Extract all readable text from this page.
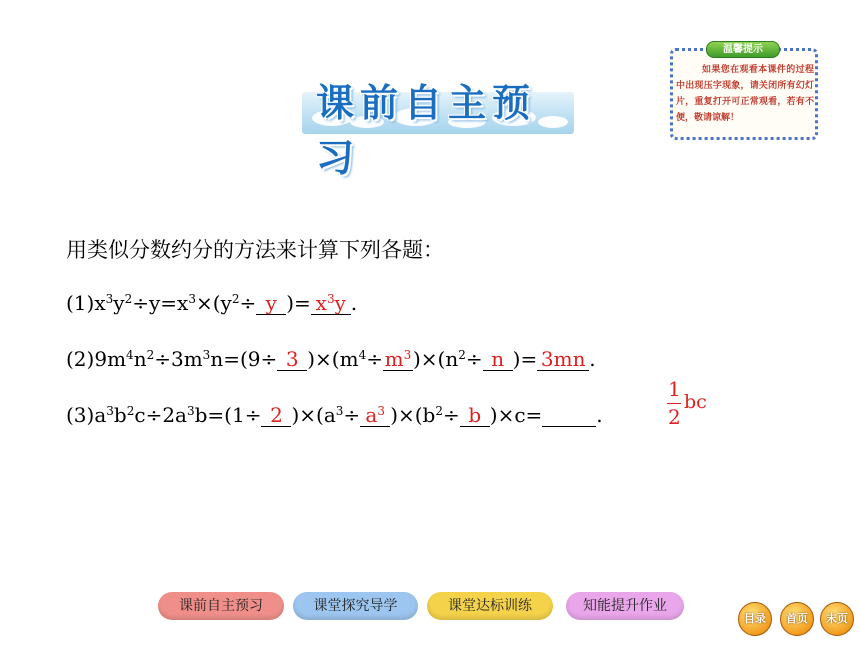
课前自主预习
温馨提示
如果您在观看本课件的过程中出现压字现象，请关闭所有幻灯片，重复打开可正常观看，若有不便，敬请谅解！
用类似分数约分的方法来计算下列各题：
$(1)x^3y^2\div y=x^3\times(y^2\div y$ )= $x^3y$ .
$(2)9m^4n^2\div 3m^3n=(9\div 3$ )$\times(m^4\div m^3)\times(n^2\div n$ )= 3mn .
$(3)a^3b^2c\div 2a^3b=(1\div 2$ )$\times(a^3\div a^3$ )$\times(b^2\div b$ )×c=	.
1
2
bc
课前自主预习	课堂探究导学	课堂达标训练	知能提升作业
目录	首页	末页
